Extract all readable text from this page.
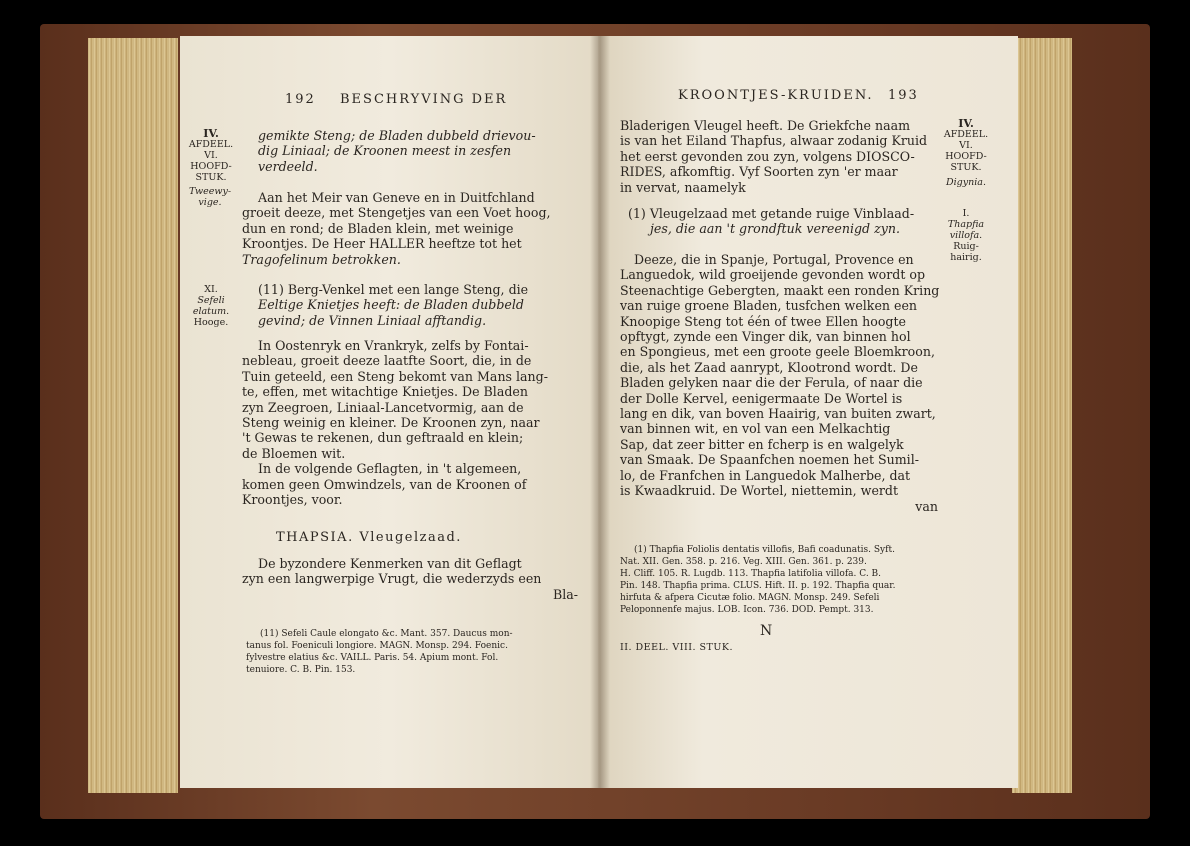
192 BESCHRYVING DER
IV.
AFDEEL.
VI.
HOOFD-
STUK.
Tweewy-
vige.
gemikte Steng; de Bladen dubbeld drievou-
dig Liniaal; de Kroonen meest in zesfen
verdeeld.
Aan het Meir van Geneve en in Duitfchland
groeit deeze, met Stengetjes van een Voet hoog,
dun en rond; de Bladen klein, met weinige
Kroontjes. De Heer HALLER heeftze tot het
Tragofelinum betrokken.
XI.
Sefeli
elatum.
Hooge.
(11) Berg-Venkel met een lange Steng, die
Eeltige Knietjes heeft: de Bladen dubbeld
gevind; de Vinnen Liniaal afftandig.
In Oostenryk en Vrankryk, zelfs by Fontai-
nebleau, groeit deeze laatfte Soort, die, in de
Tuin geteeld, een Steng bekomt van Mans lang-
te, effen, met witachtige Knietjes. De Bladen
zyn Zeegroen, Liniaal-Lancetvormig, aan de
Steng weinig en kleiner. De Kroonen zyn, naar
't Gewas te rekenen, dun geftraald en klein;
de Bloemen wit.
In de volgende Geflagten, in 't algemeen,
komen geen Omwindzels, van de Kroonen of
Kroontjes, voor.
THAPSIA. Vleugelzaad.
De byzondere Kenmerken van dit Geflagt
zyn een langwerpige Vrugt, die wederzyds een
Bla-
(11) Sefeli Caule elongato &c. Mant. 357. Daucus mon-
tanus fol. Foeniculi longiore. MAGN. Monsp. 294. Foenic.
fylvestre elatius &c. VAILL. Paris. 54. Apium mont. Fol.
tenuiore. C. B. Pin. 153.
KROONTJES-KRUIDEN. 193
Bladerigen Vleugel heeft. De Griekfche naam
is van het Eiland Thapfus, alwaar zodanig Kruid
het eerst gevonden zou zyn, volgens DIOSCO-
RIDES, afkomftig. Vyf Soorten zyn 'er maar
in vervat, naamelyk
IV.
AFDEEL.
VI.
HOOFD-
STUK.
Digynia.
(1) Vleugelzaad met getande ruige Vinblaad-
jes, die aan 't grondftuk vereenigd zyn.
I.
Thapfia
villofa.
Ruig-
hairig.
Deeze, die in Spanje, Portugal, Provence en
Languedok, wild groeijende gevonden wordt op
Steenachtige Gebergten, maakt een ronden Kring
van ruige groene Bladen, tusfchen welken een
Knoopige Steng tot één of twee Ellen hoogte
opftygt, zynde een Vinger dik, van binnen hol
en Spongieus, met een groote geele Bloemkroon,
die, als het Zaad aanrypt, Klootrond wordt. De
Bladen gelyken naar die der Ferula, of naar die
der Dolle Kervel, eenigermaate De Wortel is
lang en dik, van boven Haairig, van buiten zwart,
van binnen wit, en vol van een Melkachtig
Sap, dat zeer bitter en fcherp is en walgelyk
van Smaak. De Spaanfchen noemen het Sumil-
lo, de Franfchen in Languedok Malherbe, dat
is Kwaadkruid. De Wortel, niettemin, werdt
van
(1) Thapfia Foliolis dentatis villofis, Bafi coadunatis. Syft.
Nat. XII. Gen. 358. p. 216. Veg. XIII. Gen. 361. p. 239.
H. Cliff. 105. R. Lugdb. 113. Thapfia latifolia villofa. C. B.
Pin. 148. Thapfia prima. CLUS. Hift. II. p. 192. Thapfia quar.
hirfuta & afpera Cicutæ folio. MAGN. Monsp. 249. Sefeli
Peloponnenfe majus. LOB. Icon. 736. DOD. Pempt. 313.
N
II. DEEL. VIII. STUK.
